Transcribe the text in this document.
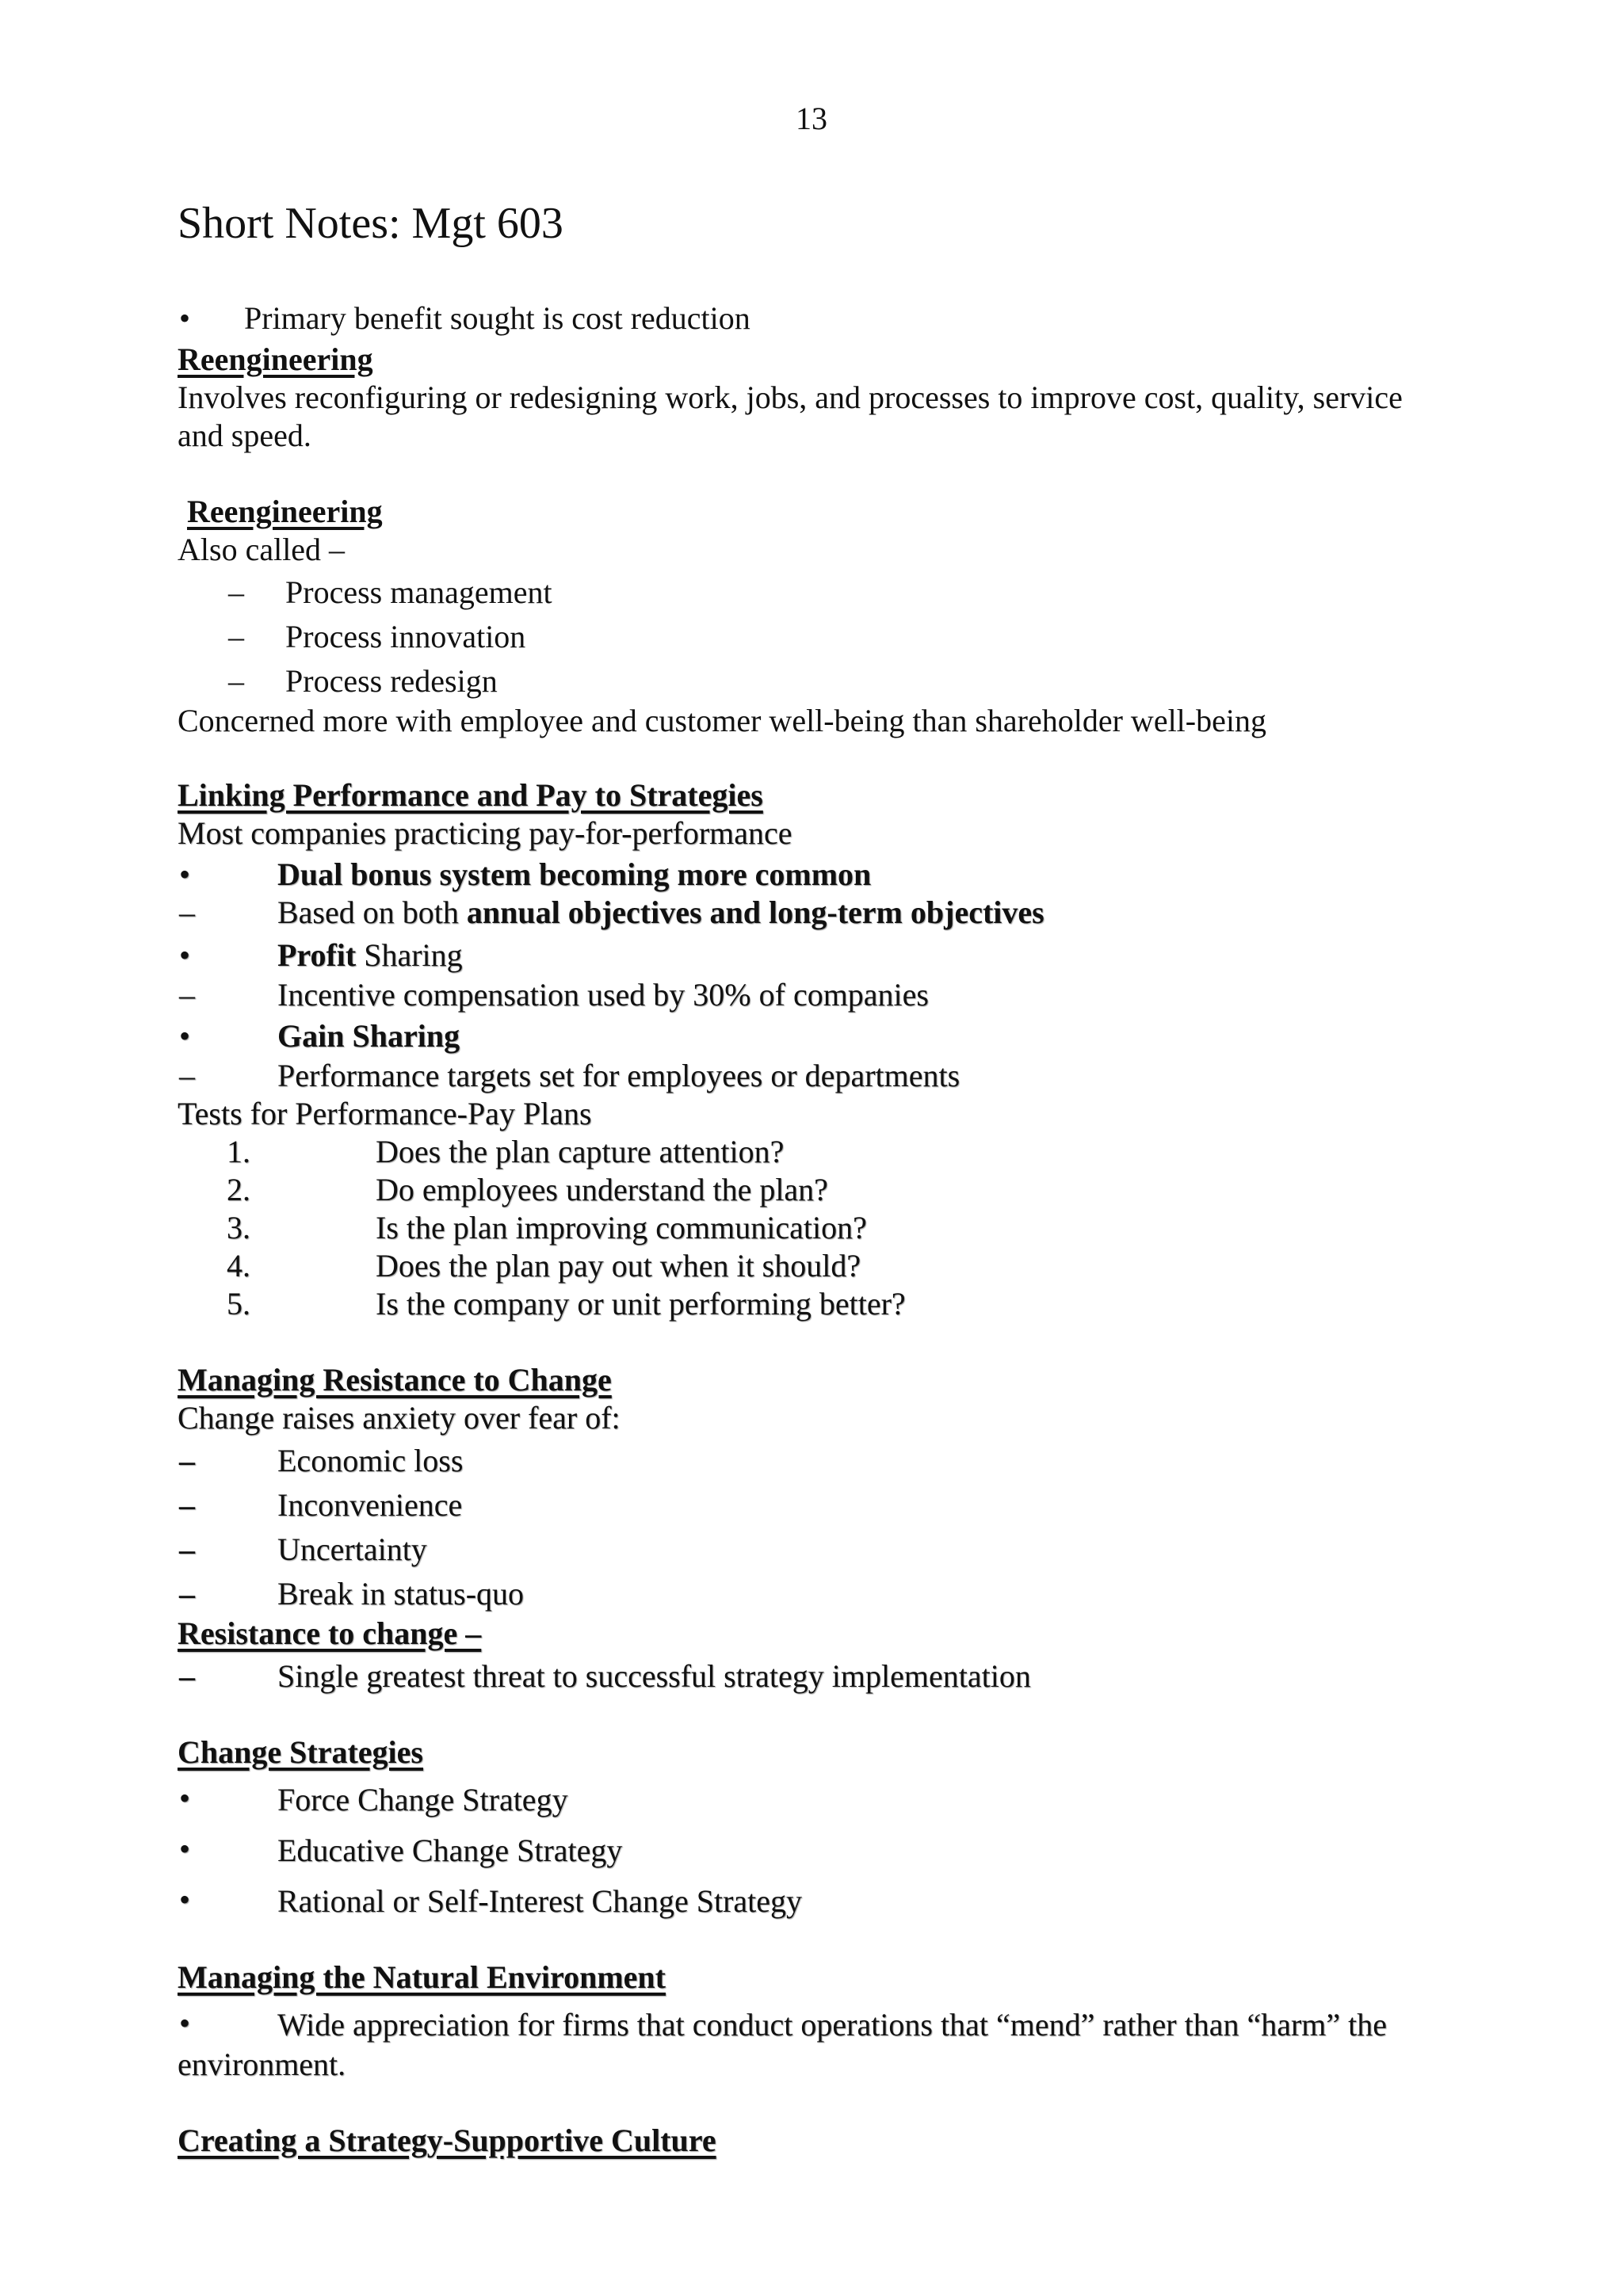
13
Short Notes: Mgt 603
• Primary benefit sought is cost reduction
Reengineering
Involves reconfiguring or redesigning work, jobs, and processes to improve cost, quality, service
and speed.
Reengineering
Also called –
– Process management
– Process innovation
– Process redesign
Concerned more with employee and customer well-being than shareholder well-being
Linking Performance and Pay to Strategies
Most companies practicing pay-for-performance
•	Dual bonus system becoming more common
–	Based on both annual objectives and long-term objectives
•	Profit Sharing
–	Incentive compensation used by 30% of companies
•	Gain Sharing
–	Performance targets set for employees or departments
Tests for Performance-Pay Plans
1.	Does the plan capture attention?
2.	Do employees understand the plan?
3.	Is the plan improving communication?
4.	Does the plan pay out when it should?
5.	Is the company or unit performing better?
Managing Resistance to Change
Change raises anxiety over fear of:
–	Economic loss
–	Inconvenience
–	Uncertainty
–	Break in status-quo
Resistance to change –
–	Single greatest threat to successful strategy implementation
Change Strategies
•	Force Change Strategy
•	Educative Change Strategy
•	Rational or Self-Interest Change Strategy
Managing the Natural Environment
•	Wide appreciation for firms that conduct operations that “mend” rather than “harm” the
environment.
Creating a Strategy-Supportive Culture
